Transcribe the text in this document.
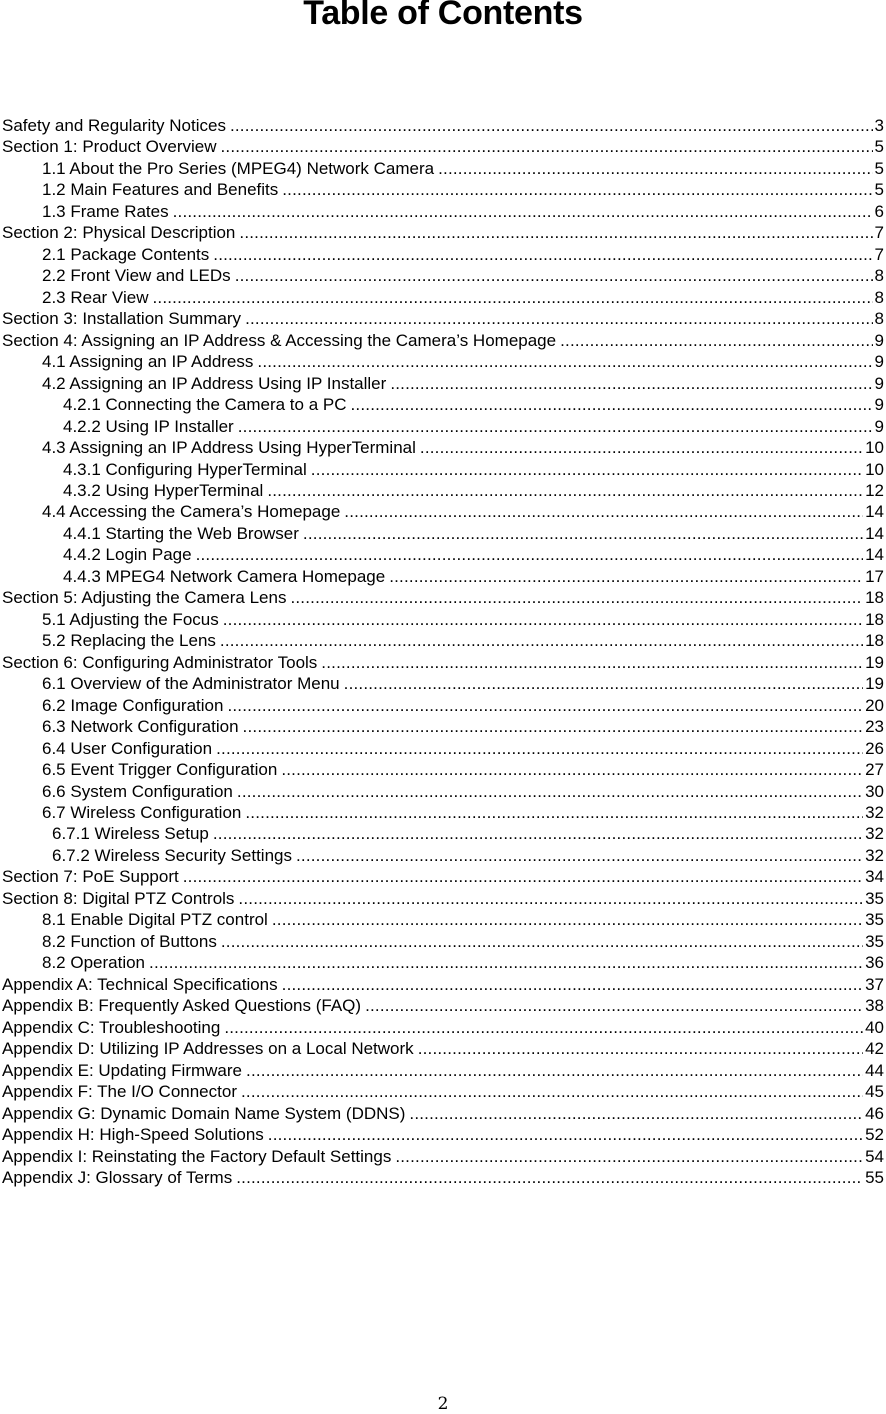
Table of Contents
Safety and Regularity Notices .....	3
Section 1: Product Overview .....	5
1.1 About the Pro Series (MPEG4) Network Camera .....	5
1.2 Main Features and Benefits .....	5
1.3 Frame Rates .....	6
Section 2: Physical Description .....	7
2.1 Package Contents .....	7
2.2 Front View and LEDs .....	8
2.3 Rear View .....	8
Section 3: Installation Summary .....	8
Section 4: Assigning an IP Address & Accessing the Camera’s Homepage .....	9
4.1 Assigning an IP Address .....	9
4.2 Assigning an IP Address Using IP Installer .....	9
4.2.1 Connecting the Camera to a PC .....	9
4.2.2 Using IP Installer .....	9
4.3 Assigning an IP Address Using HyperTerminal .....	10
4.3.1 Configuring HyperTerminal .....	10
4.3.2 Using HyperTerminal .....	12
4.4 Accessing the Camera’s Homepage .....	14
4.4.1 Starting the Web Browser .....	14
4.4.2 Login Page .....	14
4.4.3 MPEG4 Network Camera Homepage .....	17
Section 5: Adjusting the Camera Lens .....	18
5.1 Adjusting the Focus .....	18
5.2 Replacing the Lens .....	18
Section 6: Configuring Administrator Tools .....	19
6.1 Overview of the Administrator Menu .....	19
6.2 Image Configuration .....	20
6.3 Network Configuration .....	23
6.4 User Configuration .....	26
6.5 Event Trigger Configuration .....	27
6.6 System Configuration .....	30
6.7 Wireless Configuration .....	32
6.7.1 Wireless Setup .....	32
6.7.2 Wireless Security Settings .....	32
Section 7: PoE Support .....	34
Section 8: Digital PTZ Controls .....	35
8.1 Enable Digital PTZ control .....	35
8.2 Function of Buttons .....	35
8.2 Operation .....	36
Appendix A: Technical Specifications .....	37
Appendix B: Frequently Asked Questions (FAQ) .....	38
Appendix C: Troubleshooting .....	40
Appendix D: Utilizing IP Addresses on a Local Network .....	42
Appendix E: Updating Firmware .....	44
Appendix F: The I/O Connector .....	45
Appendix G: Dynamic Domain Name System (DDNS) .....	46
Appendix H: High-Speed Solutions .....	52
Appendix I: Reinstating the Factory Default Settings .....	54
Appendix J: Glossary of Terms .....	55
2
